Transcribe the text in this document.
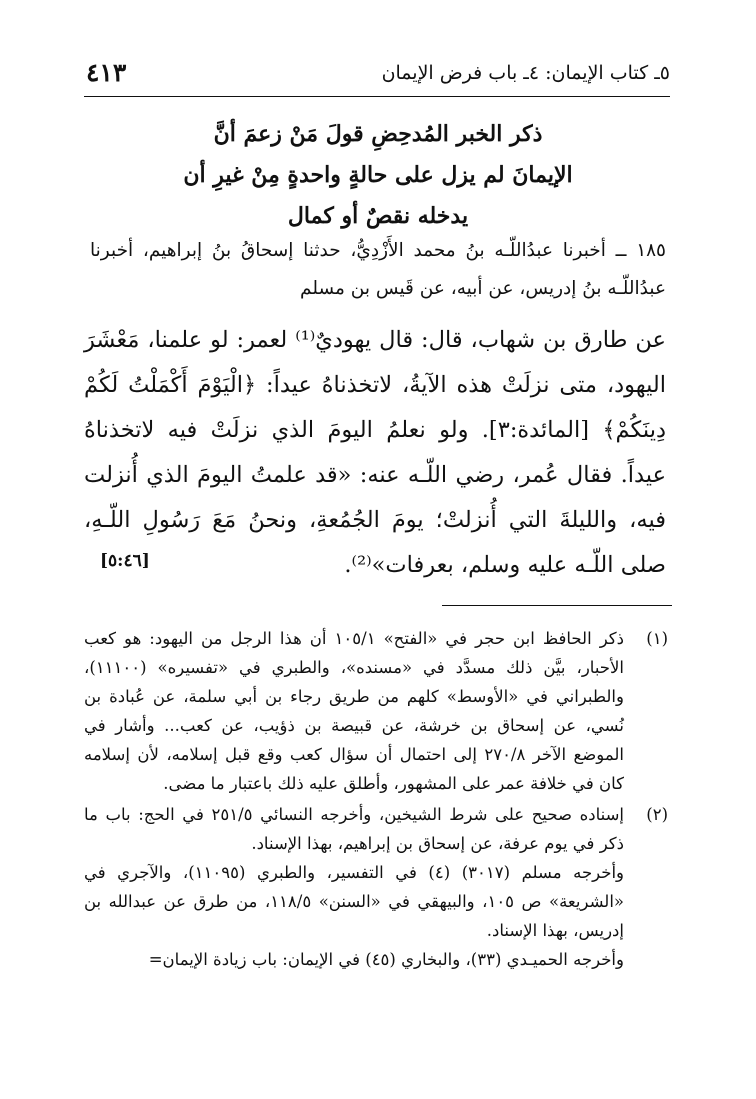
٥ـ كتاب الإيمان: ٤ـ باب فرض الإيمان
٤١٣
ذكر الخبر المُدحِضِ قولَ مَنْ زعمَ أنَّ
الإيمانَ لم يزل على حالةٍ واحدةٍ مِنْ غيرِ أن
يدخله نقصٌ أو كمال
١٨٥ ــ أخبرنا عبدُاللّـه بنُ محمد الأَزْدِيُّ، حدثنا إسحاقُ بنُ إبراهيم، أخبرنا عبدُاللّـه بنُ إدريس، عن أبيه، عن قَيس بن مسلم
عن طارق بن شهاب، قال: قال يهوديٌ⁽¹⁾ لعمر: لو علمنا، مَعْشَرَ اليهود، متى نزلَتْ هذه الآيةُ، لاتخذناهُ عيداً: ﴿الْيَوْمَ أَكْمَلْتُ لَكُمْ دِينَكُمْ﴾ [المائدة:٣]. ولو نعلمُ اليومَ الذي نزلَتْ فيه لاتخذناهُ عيداً. فقال عُمر، رضي اللّـه عنه: «قد علمتُ اليومَ الذي أُنزلت فيه، والليلةَ التي أُنزلتْ؛ يومَ الجُمُعةِ، ونحنُ مَعَ رَسُولِ اللّـهِ، صلى اللّـه عليه وسلم، بعرفات»⁽²⁾.
[٥:٤٦]
(١)
ذكر الحافظ ابن حجر في «الفتح» ١٠٥/١ أن هذا الرجل من اليهود: هو كعب الأحبار، بيَّن ذلك مسدَّد في «مسنده»، والطبري في «تفسيره» (١١١٠٠)، والطبراني في «الأوسط» كلهم من طريق رجاء بن أبي سلمة، عن عُبادة بن نُسي، عن إسحاق بن خرشة، عن قبيصة بن ذؤيب، عن كعب... وأشار في الموضع الآخر ٢٧٠/٨ إلى احتمال أن سؤال كعب وقع قبل إسلامه، لأن إسلامه كان في خلافة عمر على المشهور، وأطلق عليه ذلك باعتبار ما مضى.
(٢)
إسناده صحيح على شرط الشيخين، وأخرجه النسائي ٢٥١/٥ في الحج: باب ما ذكر في يوم عرفة، عن إسحاق بن إبراهيم، بهذا الإسناد.
وأخرجه مسلم (٣٠١٧) (٤) في التفسير، والطبري (١١٠٩٥)، والآجري في «الشريعة» ص ١٠٥، والبيهقي في «السنن» ١١٨/٥، من طرق عن عبدالله بن إدريس، بهذا الإسناد.
وأخرجه الحميـدي (٣٣)، والبخاري (٤٥) في الإيمان: باب زيادة الإيمان=
